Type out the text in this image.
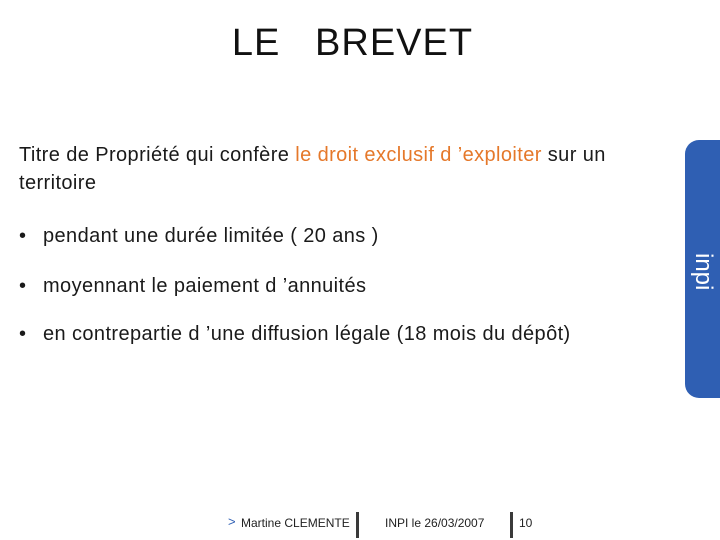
LE   BREVET
Titre de Propriété qui confère le droit exclusif d ’exploiter sur un territoire
• pendant une durée limitée ( 20 ans )
• moyennant le paiement d ’annuités
• en contrepartie d ’une diffusion légale (18 mois du dépôt)
inpi
> Martine CLEMENTE	INPI le 26/03/2007	10
